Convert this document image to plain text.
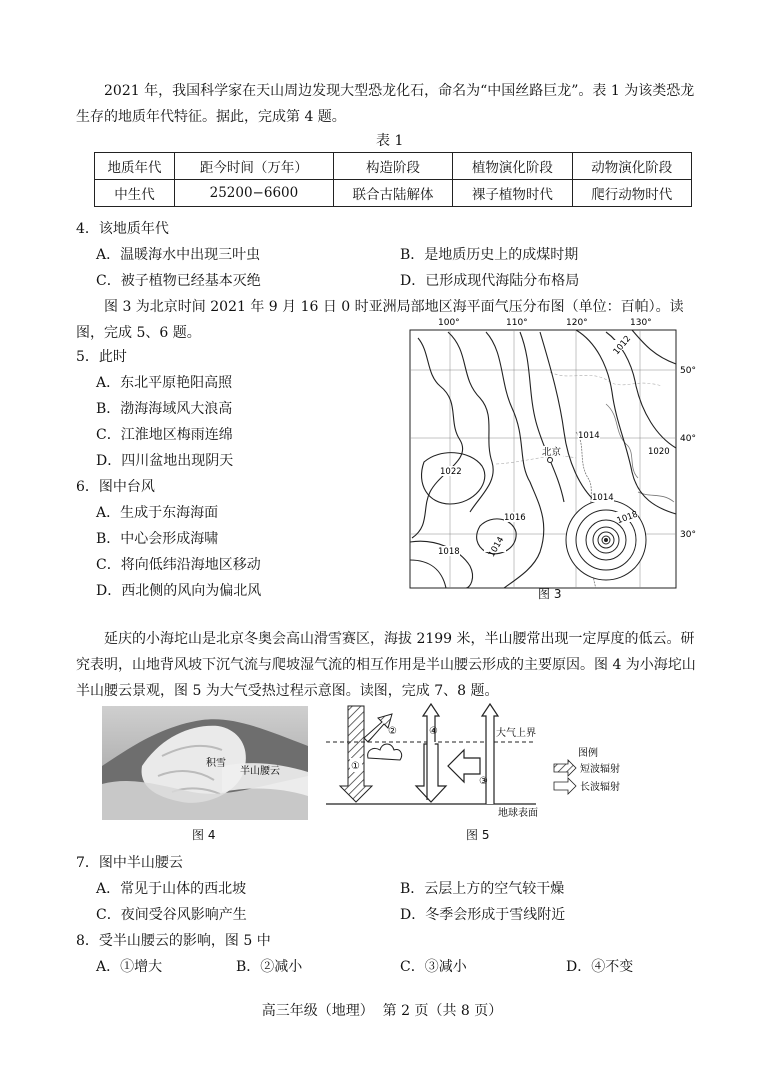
2021 年，我国科学家在天山周边发现大型恐龙化石，命名为“中国丝路巨龙”。表 1 为该类恐龙生存的地质年代特征。据此，完成第 4 题。
表 1
地质年代	距今时间（万年）	构造阶段	植物演化阶段	动物演化阶段
中生代	25200−6600	联合古陆解体	裸子植物时代	爬行动物时代
4．该地质年代
A．温暖海水中出现三叶虫	B．是地质历史上的成煤时期
C．被子植物已经基本灭绝	D．已形成现代海陆分布格局
图 3 为北京时间 2021 年 9 月 16 日 0 时亚洲局部地区海平面气压分布图（单位：百帕）。读图，完成 5、6 题。
5．此时
A．东北平原艳阳高照
B．渤海海域风大浪高
C．江淮地区梅雨连绵
D．四川盆地出现阴天
6．图中台风
A．生成于东海海面
B．中心会形成海啸
C．将向低纬沿海地区移动
D．西北侧的风向为偏北风
100°	110°	120°	130°
50°
40°
30°
北京
1012
1014
1020
1022
1016
1014
1014
1018
1018
图 3
延庆的小海坨山是北京冬奥会高山滑雪赛区，海拔 2199 米，半山腰常出现一定厚度的低云。研究表明，山地背风坡下沉气流与爬坡湿气流的相互作用是半山腰云形成的主要原因。图 4 为小海坨山半山腰云景观，图 5 为大气受热过程示意图。读图，完成 7、8 题。
积雪
半山腰云
图 4
大气上界
地球表面
①
②	④
③
图例
短波辐射
长波辐射
图 5
7．图中半山腰云
A．常见于山体的西北坡	B．云层上方的空气较干燥
C．夜间受谷风影响产生	D．冬季会形成于雪线附近
8．受半山腰云的影响，图 5 中
A．①增大	B．②减小	C．③减小	D．④不变
高三年级（地理）  第 2 页（共 8 页）
